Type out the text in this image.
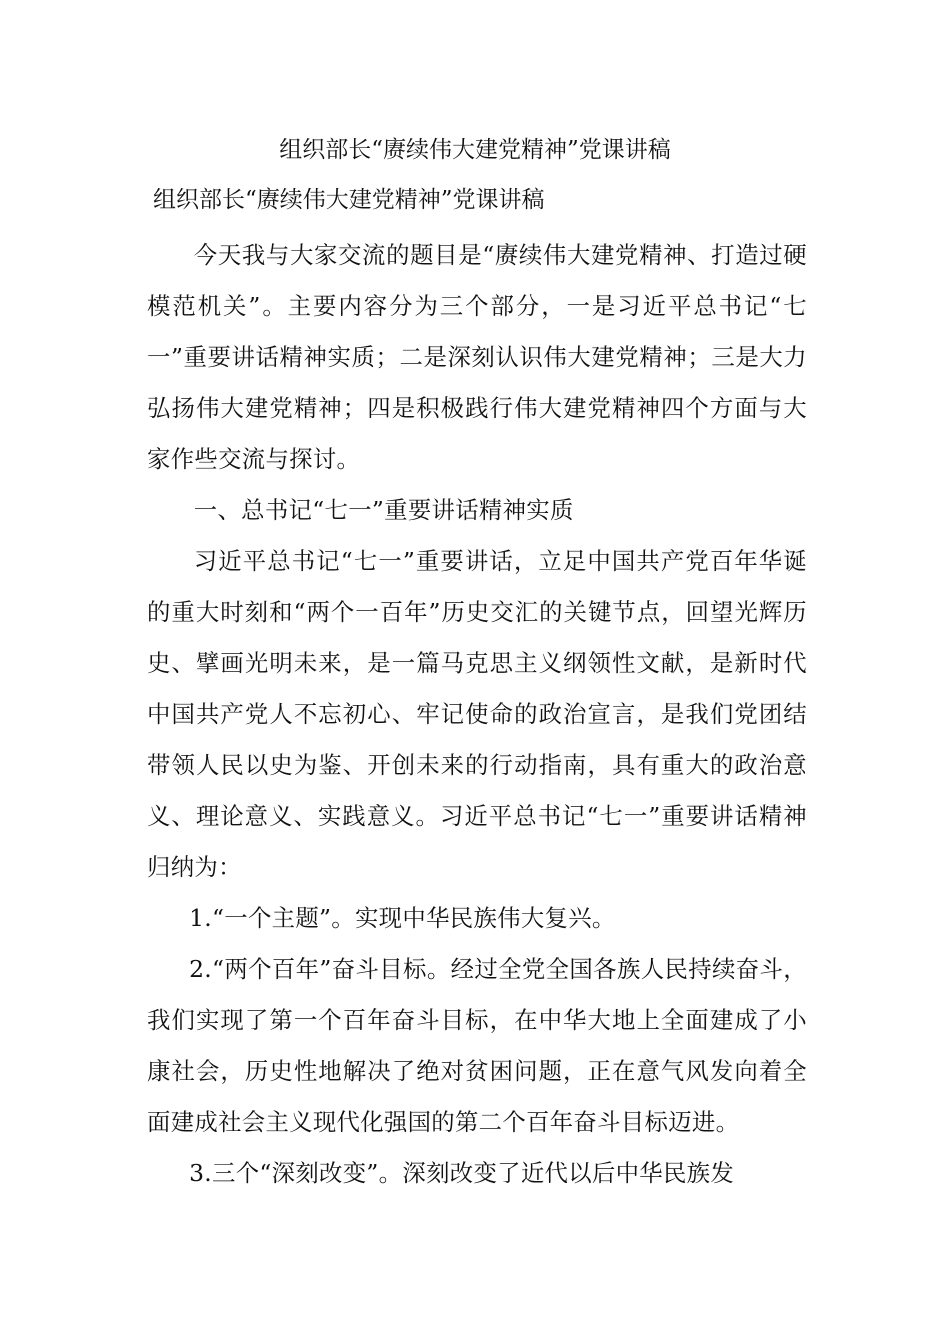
组织部长“赓续伟大建党精神”党课讲稿
组织部长“赓续伟大建党精神”党课讲稿

今天我与大家交流的题目是“赓续伟大建党精神、打造过硬模范机关”。主要内容分为三个部分，一是习近平总书记“七一”重要讲话精神实质；二是深刻认识伟大建党精神；三是大力弘扬伟大建党精神；四是积极践行伟大建党精神四个方面与大家作些交流与探讨。

一、总书记“七一”重要讲话精神实质

习近平总书记“七一”重要讲话，立足中国共产党百年华诞的重大时刻和“两个一百年”历史交汇的关键节点，回望光辉历史、擘画光明未来，是一篇马克思主义纲领性文献，是新时代中国共产党人不忘初心、牢记使命的政治宣言，是我们党团结带领人民以史为鉴、开创未来的行动指南，具有重大的政治意义、理论意义、实践意义。习近平总书记“七一”重要讲话精神归纳为：

1.“一个主题”。实现中华民族伟大复兴。

2.“两个百年”奋斗目标。经过全党全国各族人民持续奋斗，我们实现了第一个百年奋斗目标，在中华大地上全面建成了小康社会，历史性地解决了绝对贫困问题，正在意气风发向着全面建成社会主义现代化强国的第二个百年奋斗目标迈进。

3.三个“深刻改变”。深刻改变了近代以后中华民族发
